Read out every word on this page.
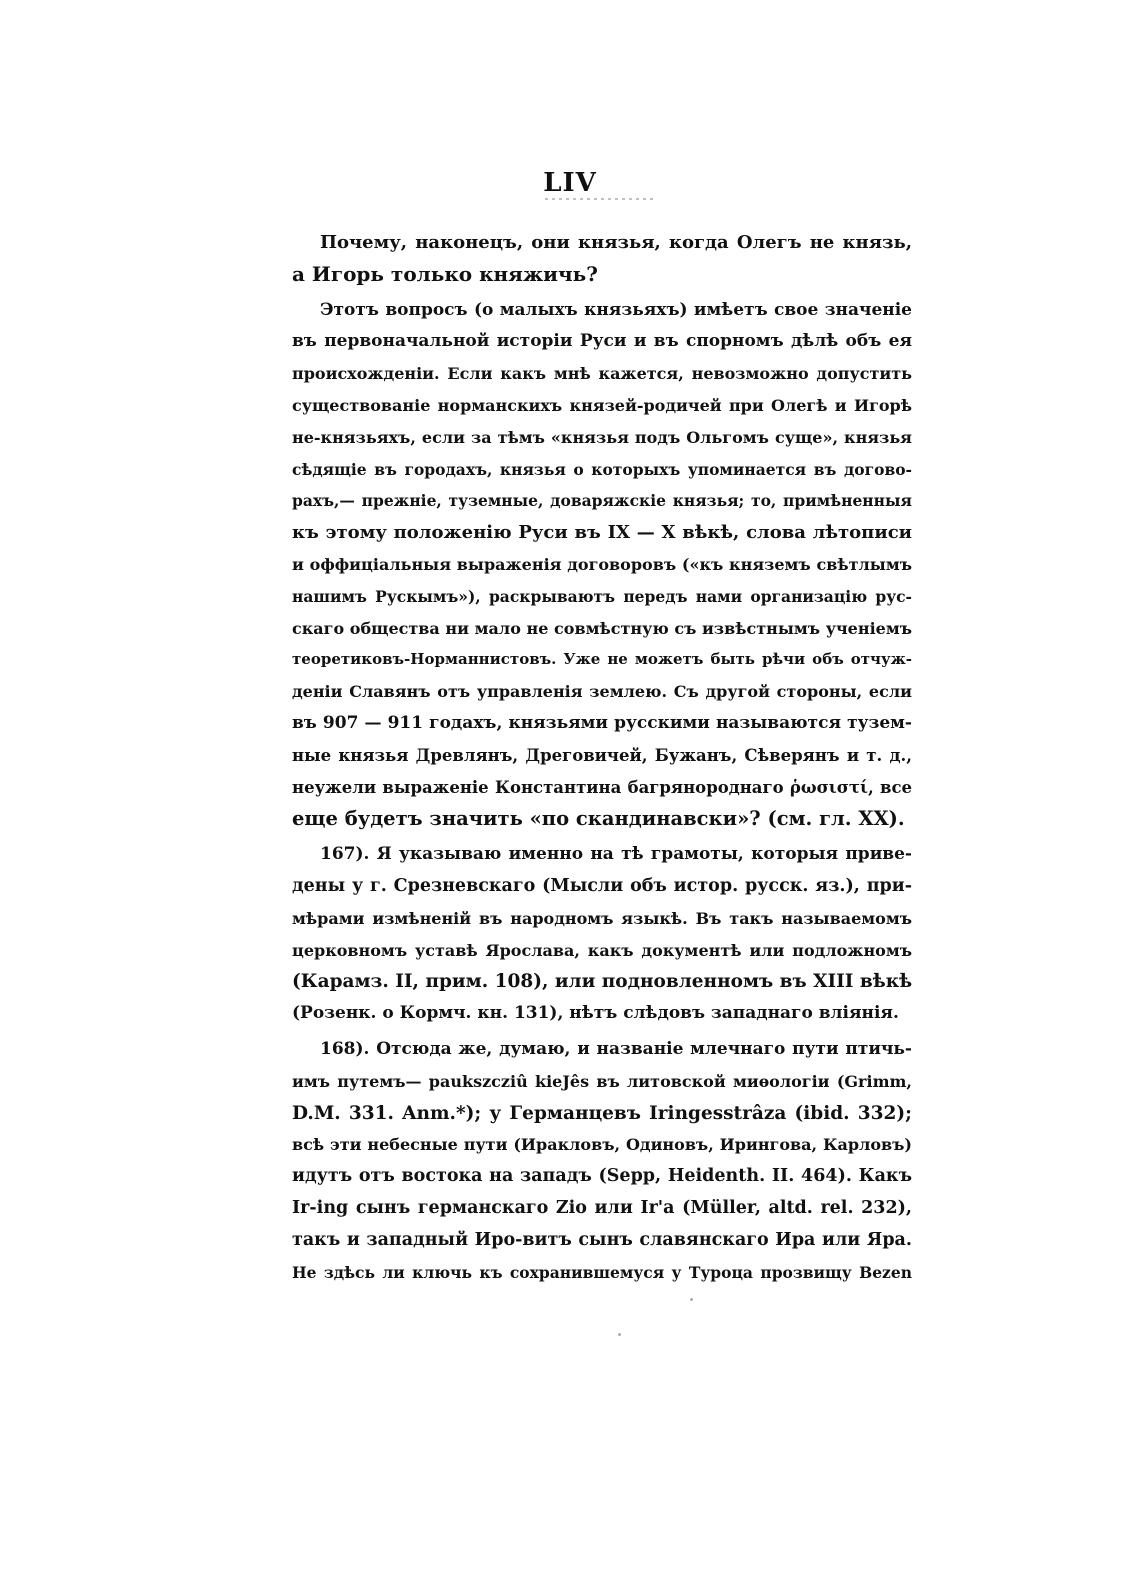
LIV
Почему, наконецъ, они князья, когда Олегъ не князь,
а Игорь только княжичь?
Этотъ вопросъ (о малыхъ князьяхъ) имѣетъ свое значенiе
въ первоначальной исторiи Руси и въ спорномъ дѣлѣ объ ея
происхожденiи. Если какъ мнѣ кажется, невозможно допустить
существованiе норманскихъ князей-родичей при Олегѣ и Игорѣ
не-князьяхъ, если за тѣмъ «князья подъ Ольгомъ суще», князья
сѣдящiе въ городахъ, князья о которыхъ упоминается въ догово-
рахъ,— прежнiе, туземные, доваряжскiе князья; то, примѣненныя
къ этому положенiю Руси въ IX — X вѣкѣ, слова лѣтописи
и оффицiальныя выраженiя договоровъ («къ княземъ свѣтлымъ
нашимъ Рускымъ»), раскрываютъ передъ нами организацiю рус-
скаго общества ни мало не совмѣстную съ извѣстнымъ ученiемъ
теоретиковъ-Норманнистовъ. Уже не можетъ быть рѣчи объ отчуж-
денiи Славянъ отъ управленiя землею. Съ другой стороны, если
въ 907 — 911 годахъ, князьями русскими называются тузем-
ные князья Древлянъ, Дреговичей, Бужанъ, Сѣверянъ и т. д.,
неужели выраженiе Константина багрянороднаго ῥωσιστί, все
еще будетъ значить «по скандинавски»? (см. гл. XX).
167). Я указываю именно на тѣ грамоты, которыя приве-
дены у г. Срезневскаго (Мысли объ истор. русск. яз.), при-
мѣрами измѣненiй въ народномъ языкѣ. Въ такъ называемомъ
церковномъ уставѣ Ярослава, какъ документѣ или подложномъ
(Карамз. II, прим. 108), или подновленномъ въ XIII вѣкѣ
(Розенк. о Кормч. кн. 131), нѣтъ слѣдовъ западнаго влiянiя.
168). Отсюда же, думаю, и названiе млечнаго пути птичь-
имъ путемъ— paukszcziû kieJês въ литовской миѳологiи (Grimm,
D.M. 331. Anm.*); у Германцевъ Iringesstrâza (ibid. 332);
всѣ эти небесные пути (Иракловъ, Одиновъ, Ирингова, Карловъ)
идутъ отъ востока на западъ (Sepp, Heidenth. II. 464). Какъ
Ir-ing сынъ германскаго Zio или Ir'a (Müller, altd. rel. 232),
такъ и западный Иро-витъ сынъ славянскаго Ира или Яра.
Не здѣсь ли ключь къ сохранившемуся у Туроца прозвищу Bezen
